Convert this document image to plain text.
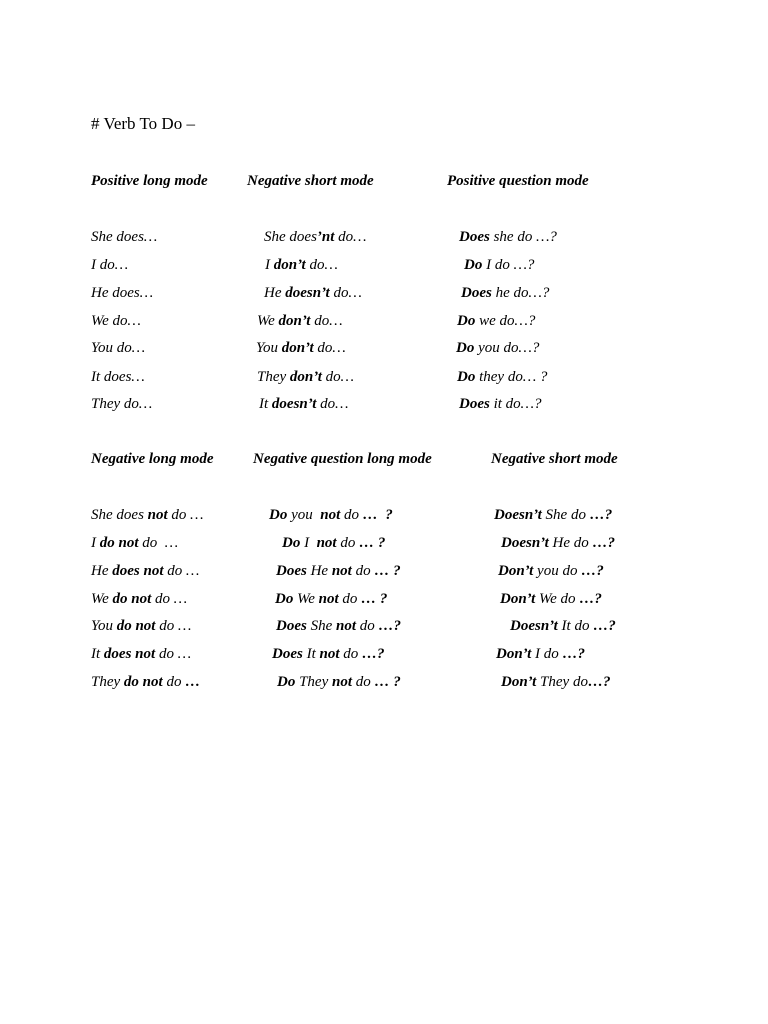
# Verb To Do –
Positive long mode	Negative short mode	Positive question mode
She does…	She does’nt do…	Does she do …?
I do…	I don’t do…	Do I do …?
He does…	He doesn’t do…	Does he do…?
We do…	We don’t do…	Do we do…?
You do…	You don’t do…	Do you do…?
It does…	They don’t do…	Do they do… ?
They do…	It doesn’t do…	Does it do…?
Negative long mode	Negative question long mode	Negative short mode
She does not do …	Do you  not do …  ?	Doesn’t She do …?
I do not do  …	Do I  not do … ?	Doesn’t He do …?
He does not do …	Does He not do … ?	Don’t you do …?
We do not do …	Do We not do … ?	Don’t We do …?
You do not do …	Does She not do …?	Doesn’t It do …?
It does not do …	Does It not do …?	Don’t I do …?
They do not do …	Do They not do … ?	Don’t They do…?
